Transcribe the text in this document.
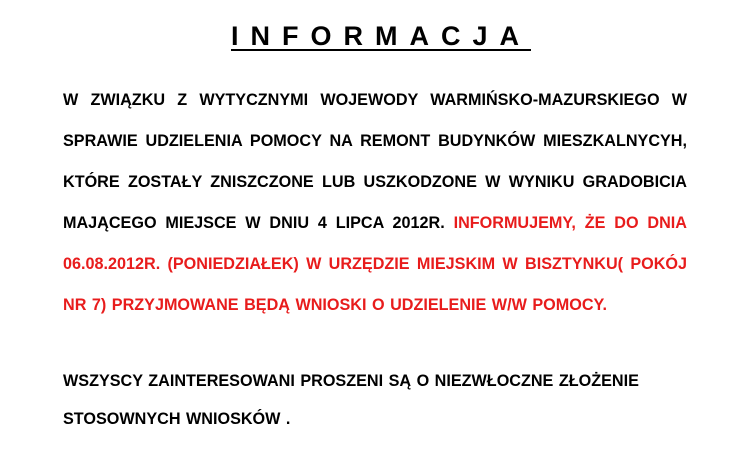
INFORMACJA
W ZWIĄZKU Z WYTYCZNYMI WOJEWODY WARMIŃSKO-MAZURSKIEGO W SPRAWIE UDZIELENIA POMOCY NA REMONT BUDYNKÓW MIESZKALNYCYH, KTÓRE ZOSTAŁY ZNISZCZONE LUB USZKODZONE W WYNIKU GRADOBICIA MAJĄCEGO MIEJSCE W DNIU 4 LIPCA 2012R. INFORMUJEMY, ŻE DO DNIA 06.08.2012R. (PONIEDZIAŁEK) W URZĘDZIE MIEJSKIM W BISZTYNKU( POKÓJ NR 7) PRZYJMOWANE BĘDĄ WNIOSKI O UDZIELENIE W/W POMOCY.
WSZYSCY ZAINTERESOWANI PROSZENI SĄ O NIEZWŁOCZNE ZŁOŻENIE STOSOWNYCH WNIOSKÓW .
